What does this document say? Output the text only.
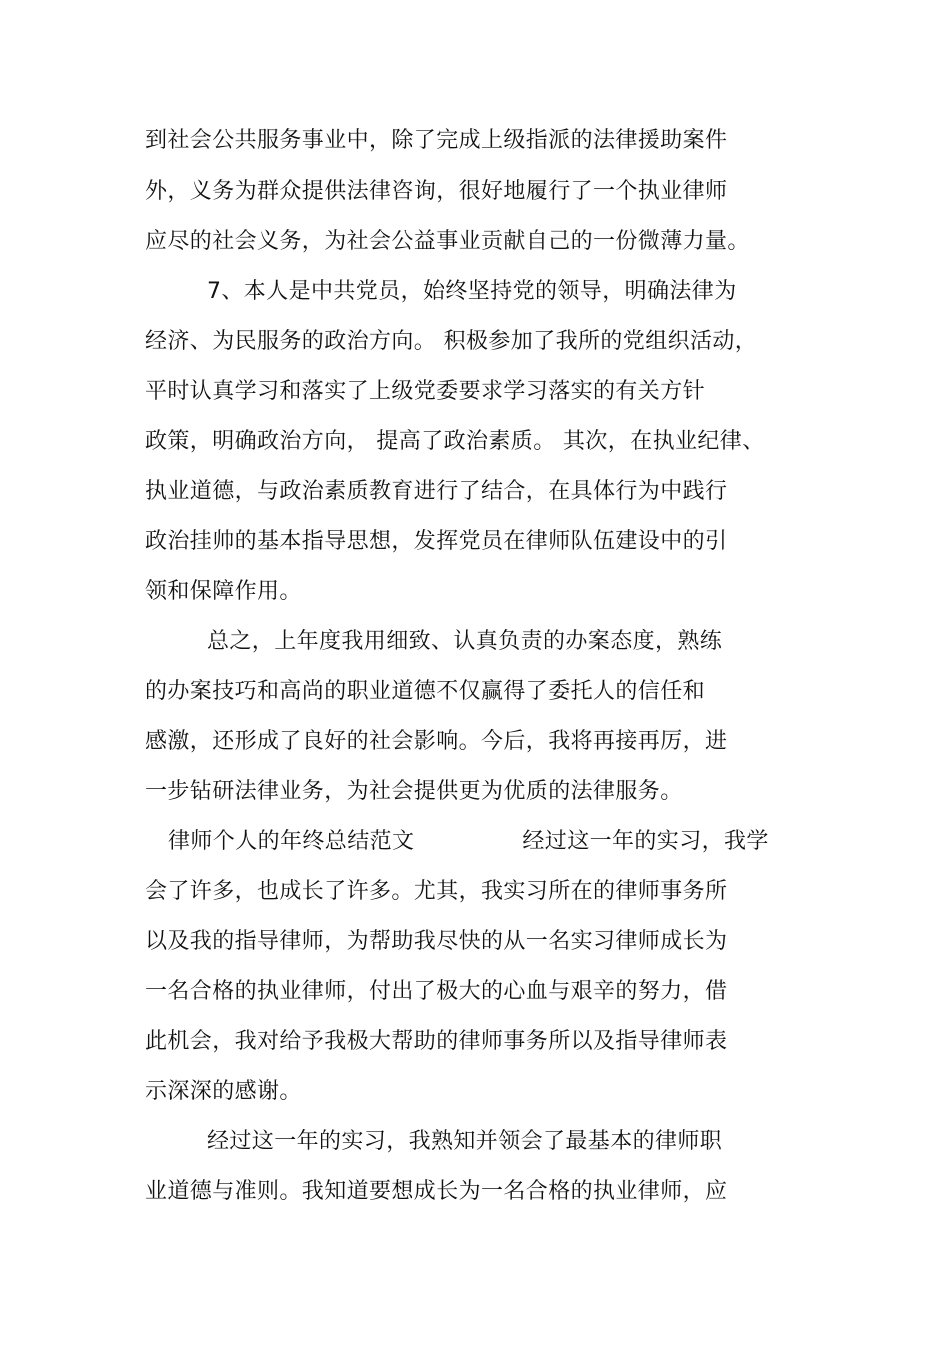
到社会公共服务事业中，除了完成上级指派的法律援助案件
外，义务为群众提供法律咨询，很好地履行了一个执业律师
应尽的社会义务，为社会公益事业贡献自己的一份微薄力量。
7、本人是中共党员，始终坚持党的领导，明确法律为
经济、为民服务的政治方向。 积极参加了我所的党组织活动，
平时认真学习和落实了上级党委要求学习落实的有关方针
政策，明确政治方向， 提高了政治素质。 其次，在执业纪律、
执业道德，与政治素质教育进行了结合，在具体行为中践行
政治挂帅的基本指导思想，发挥党员在律师队伍建设中的引
领和保障作用。
总之，上年度我用细致、认真负责的办案态度，熟练
的办案技巧和高尚的职业道德不仅赢得了委托人的信任和
感激，还形成了良好的社会影响。今后，我将再接再厉，进
一步钻研法律业务，为社会提供更为优质的法律服务。
律师个人的年终总结范文	经过这一年的实习，我学
会了许多，也成长了许多。尤其，我实习所在的律师事务所
以及我的指导律师，为帮助我尽快的从一名实习律师成长为
一名合格的执业律师，付出了极大的心血与艰辛的努力，借
此机会，我对给予我极大帮助的律师事务所以及指导律师表
示深深的感谢。
经过这一年的实习，我熟知并领会了最基本的律师职
业道德与准则。我知道要想成长为一名合格的执业律师，应
